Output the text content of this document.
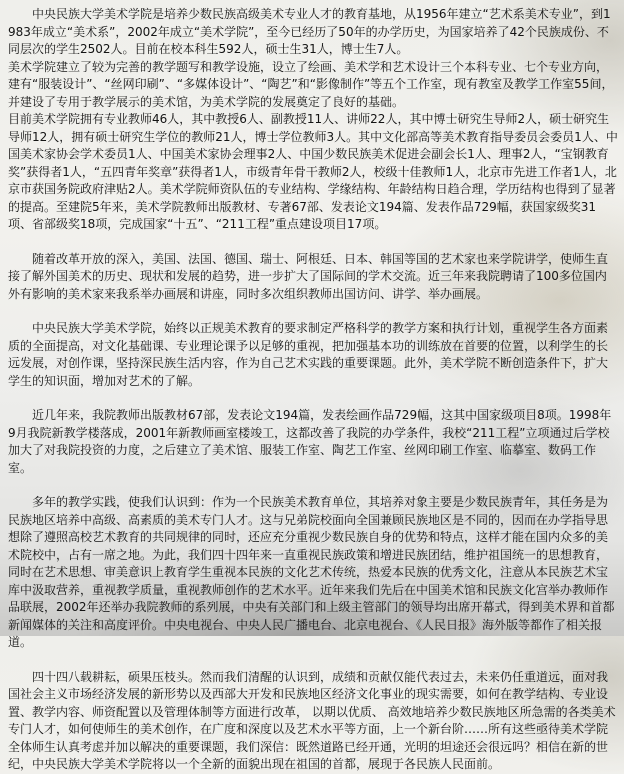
中央民族大学美术学院是培养少数民族高级美术专业人才的教育基地，从1956年建立“艺术系美术专业”，到1983年成立“美术系”，2002年成立“美术学院”，至今已经历了50年的办学历史，为国家培养了42个民族成份、不同层次的学生2502人。目前在校本科生592人，硕士生31人，博士生7人。

美术学院建立了较为完善的教学题写和教学设施，设立了绘画、美术学和艺术设计三个本科专业、七个专业方向，建有“服装设计”、“丝网印刷”、“多媒体设计”、“陶艺”和“影像制作”等五个工作室，现有教室及教学工作室55间，并建设了专用于教学展示的美术馆，为美术学院的发展奠定了良好的基础。

目前美术学院拥有专业教师46人，其中教授6人、副教授11人、讲师22人，其中博士研究生导师2人，硕士研究生导师12人，拥有硕士研究生学位的教师21人，博士学位教师3人。其中文化部高等美术教育指导委员会委员1人、中国美术家协会学术委员1人、中国美术家协会理事2人、中国少数民族美术促进会副会长1人、理事2人，“宝钢教育奖”获得者1人，“五四青年奖章”获得者1人，市级青年骨干教师2人，校级十佳教师1人，北京市先进工作者1人，北京市获国务院政府津贴2人。美术学院师资队伍的专业结构、学缘结构、年龄结构日趋合理，学历结构也得到了显著的提高。至建院5年来，美术学院教师出版教材、专著67部、发表论文194篇、发表作品729幅，获国家级奖31项、省部级奖18项，完成国家“十五”、“211工程”重点建设项目17项。

随着改革开放的深入，美国、法国、德国、瑞士、阿根廷、日本、韩国等国的艺术家也来学院讲学，使师生直接了解外国美术的历史、现状和发展的趋势，进一步扩大了国际间的学术交流。近三年来我院聘请了100多位国内外有影响的美术家来我系举办画展和讲座，同时多次组织教师出国访问、讲学、举办画展。

中央民族大学美术学院，始终以正规美术教育的要求制定严格科学的教学方案和执行计划，重视学生各方面素质的全面提高，对文化基础课、专业理论课予以足够的重视，把加强基本功的训练放在首要的位置，以利学生的长远发展，对创作课，坚持深民族生活内容，作为自己艺术实践的重要课题。此外，美术学院不断创造条件下，扩大学生的知识面，增加对艺术的了解。

近几年来，我院教师出版教材67部，发表论文194篇，发表绘画作品729幅，这其中国家级项目8项。1998年9月我院新教学楼落成，2001年新教师画室楼竣工，这都改善了我院的办学条件，我校“211工程”立项通过后学校加大了对我院投资的力度，之后建立了美术馆、服装工作室、陶艺工作室、丝网印刷工作室、临摹室、数码工作室。

多年的教学实践，使我们认识到：作为一个民族美术教育单位，其培养对象主要是少数民族青年，其任务是为民族地区培养中高级、高素质的美术专门人才。这与兄弟院校面向全国兼顾民族地区是不同的，因而在办学指导思想除了遵照高校艺术教育的共同规律的同时，还应充分重视少数民族自身的优势和特点，这样才能在国内众多的美术院校中，占有一席之地。为此，我们四十四年来一直重视民族政策和增进民族团结，维护祖国统一的思想教育，同时在艺术思想、审美意识上教育学生重视本民族的文化艺术传统，热爱本民族的优秀文化，注意从本民族艺术宝库中汲取营养，重视教学质量，重视教师创作的艺术水平。近年来我们先后在中国美术馆和民族文化宫举办教师作品联展，2002年还举办我院教师的系列展，中央有关部门和上级主管部门的领导均出席开幕式，得到美术界和首都新闻媒体的关注和高度评价。中央电视台、中央人民广播电台、北京电视台、《人民日报》海外版等都作了相关报道。

四十四八载耕耘，硕果压枝头。然而我们清醒的认识到，成绩和贡献仅能代表过去，未来仍任重道远，面对我国社会主义市场经济发展的新形势以及西部大开发和民族地区经济文化事业的现实需要，如何在教学结构、专业设置、教学内容、师资配置以及管理体制等方面进行改革， 以期以优质、 高效地培养少数民族地区所急需的各类美术专门人才，如何使师生的美术创作，在广度和深度以及艺术水平等方面，上一个新台阶……所有这些亟待美术学院全体师生认真考虑并加以解决的重要课题，我们深信：既然道路已经开通，光明的坦途还会很远吗？相信在新的世纪，中央民族大学美术学院将以一个全新的面貌出现在祖国的首都，展现于各民族人民面前。
